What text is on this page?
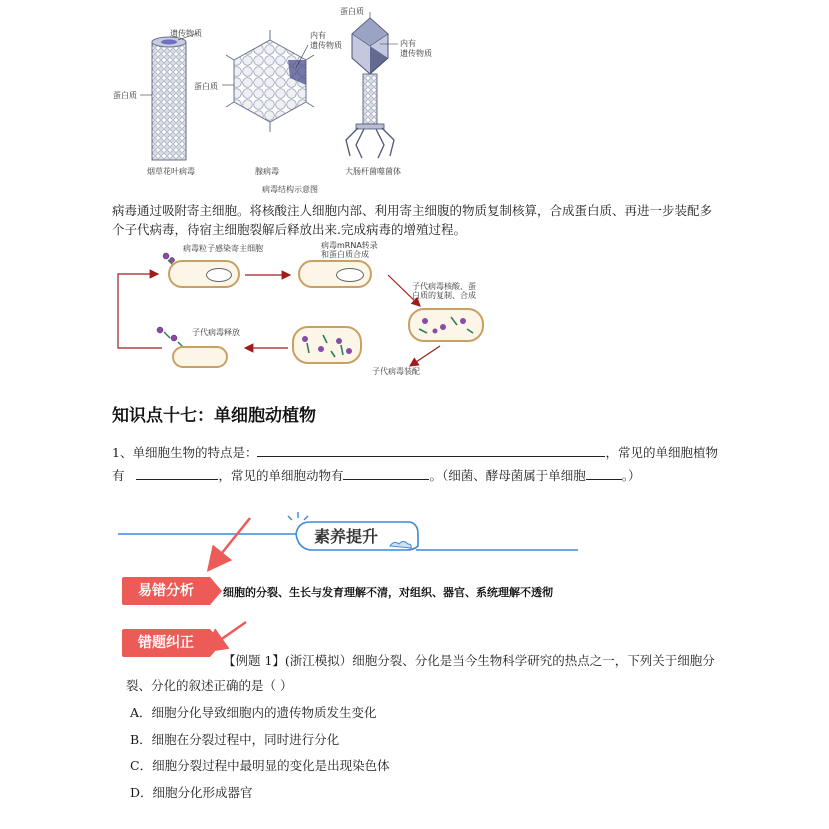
遗传物质
蛋白质
蛋白质
内有
遗传物质
蛋白质
内有
遗传物质
烟草花叶病毒	腺病毒	大肠杆菌噬菌体
病毒结构示意图
病毒通过吸附寄主细胞。将核酸注人细胞内部、利用寄主细腹的物质复制核算，合成蛋白质、再进一步装配多个子代病毒，待宿主细胞裂解后释放出来.完成病毒的增殖过程。
病毒粒子感染寄主细胞	病毒mRNA转录
和蛋白质合成
子代病毒核酸、蛋
白质的复制、合成
子代病毒装配
子代病毒释放
知识点十七：单细胞动植物
1、单细胞生物的特点是：	，常见的单细胞植物
有	，常见的单细胞动物有	。（细菌、酵母菌属于单细胞	。）
素养提升
易错分析	细胞的分裂、生长与发育理解不清，对组织、器官、系统理解不透彻
错题纠正
【例题 1】(浙江模拟）细胞分裂、分化是当今生物科学研究的热点之一，下列关于细胞分
裂、分化的叙述正确的是（ ）
A．细胞分化导致细胞内的遗传物质发生变化
B．细胞在分裂过程中，同时进行分化
C．细胞分裂过程中最明显的变化是出现染色体
D．细胞分化形成器官
